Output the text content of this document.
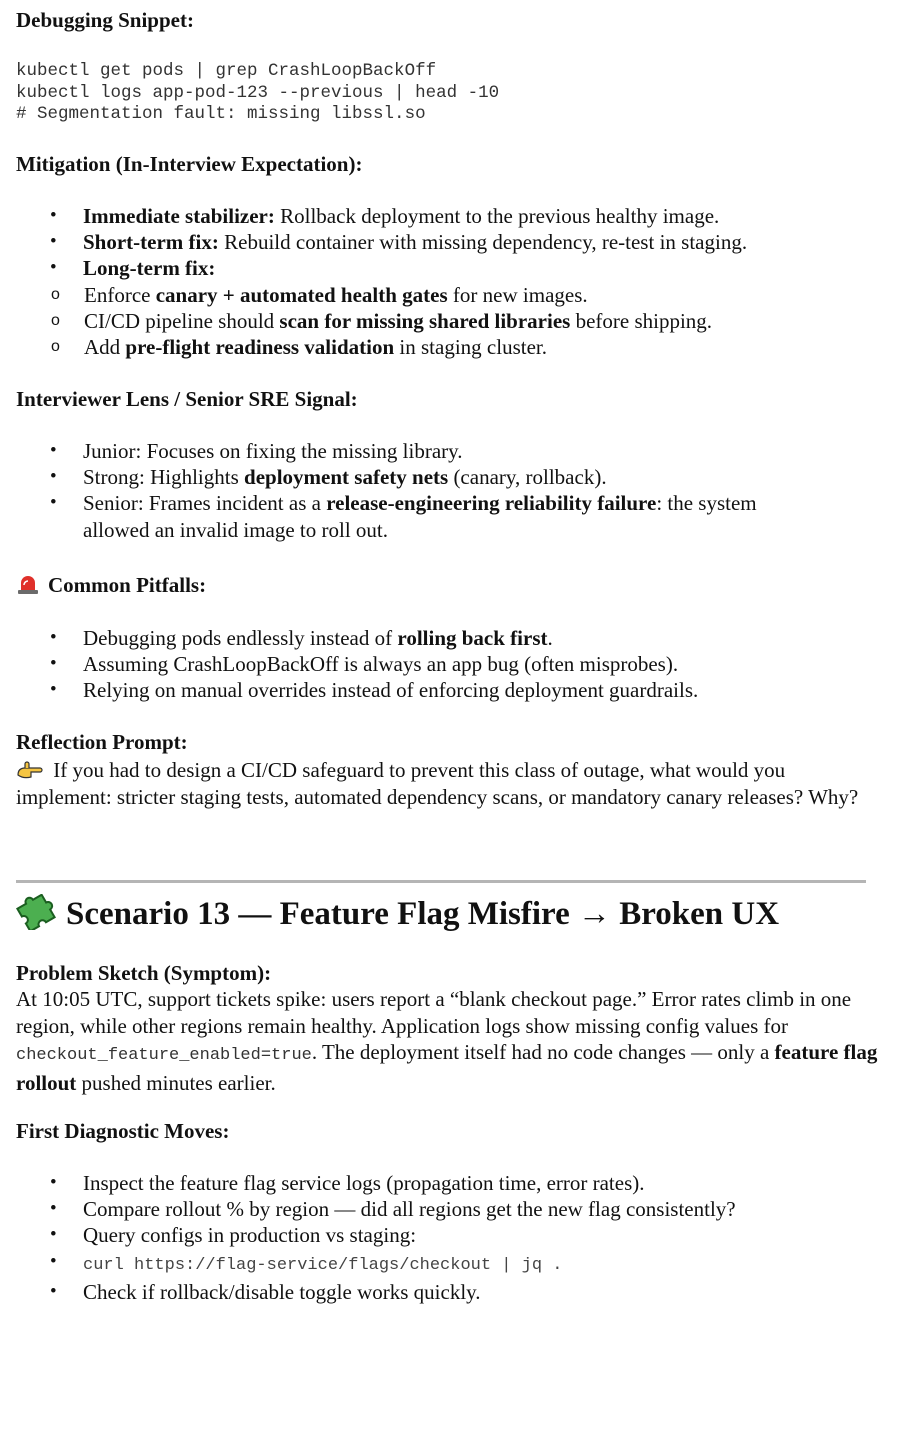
Debugging Snippet:
kubectl get pods | grep CrashLoopBackOff
kubectl logs app-pod-123 --previous | head -10
# Segmentation fault: missing libssl.so
Mitigation (In-Interview Expectation):
• Immediate stabilizer: Rollback deployment to the previous healthy image.
• Short-term fix: Rebuild container with missing dependency, re-test in staging.
• Long-term fix:
o Enforce canary + automated health gates for new images.
o CI/CD pipeline should scan for missing shared libraries before shipping.
o Add pre-flight readiness validation in staging cluster.
Interviewer Lens / Senior SRE Signal:
• Junior: Focuses on fixing the missing library.
• Strong: Highlights deployment safety nets (canary, rollback).
• Senior: Frames incident as a release-engineering reliability failure: the system allowed an invalid image to roll out.
Common Pitfalls:
• Debugging pods endlessly instead of rolling back first.
• Assuming CrashLoopBackOff is always an app bug (often misprobes).
• Relying on manual overrides instead of enforcing deployment guardrails.
Reflection Prompt:
If you had to design a CI/CD safeguard to prevent this class of outage, what would you implement: stricter staging tests, automated dependency scans, or mandatory canary releases? Why?
Scenario 13 — Feature Flag Misfire → Broken UX
Problem Sketch (Symptom):
At 10:05 UTC, support tickets spike: users report a “blank checkout page.” Error rates climb in one region, while other regions remain healthy. Application logs show missing config values for checkout_feature_enabled=true. The deployment itself had no code changes — only a feature flag rollout pushed minutes earlier.
First Diagnostic Moves:
• Inspect the feature flag service logs (propagation time, error rates).
• Compare rollout % by region — did all regions get the new flag consistently?
• Query configs in production vs staging:
• curl https://flag-service/flags/checkout | jq .
• Check if rollback/disable toggle works quickly.
